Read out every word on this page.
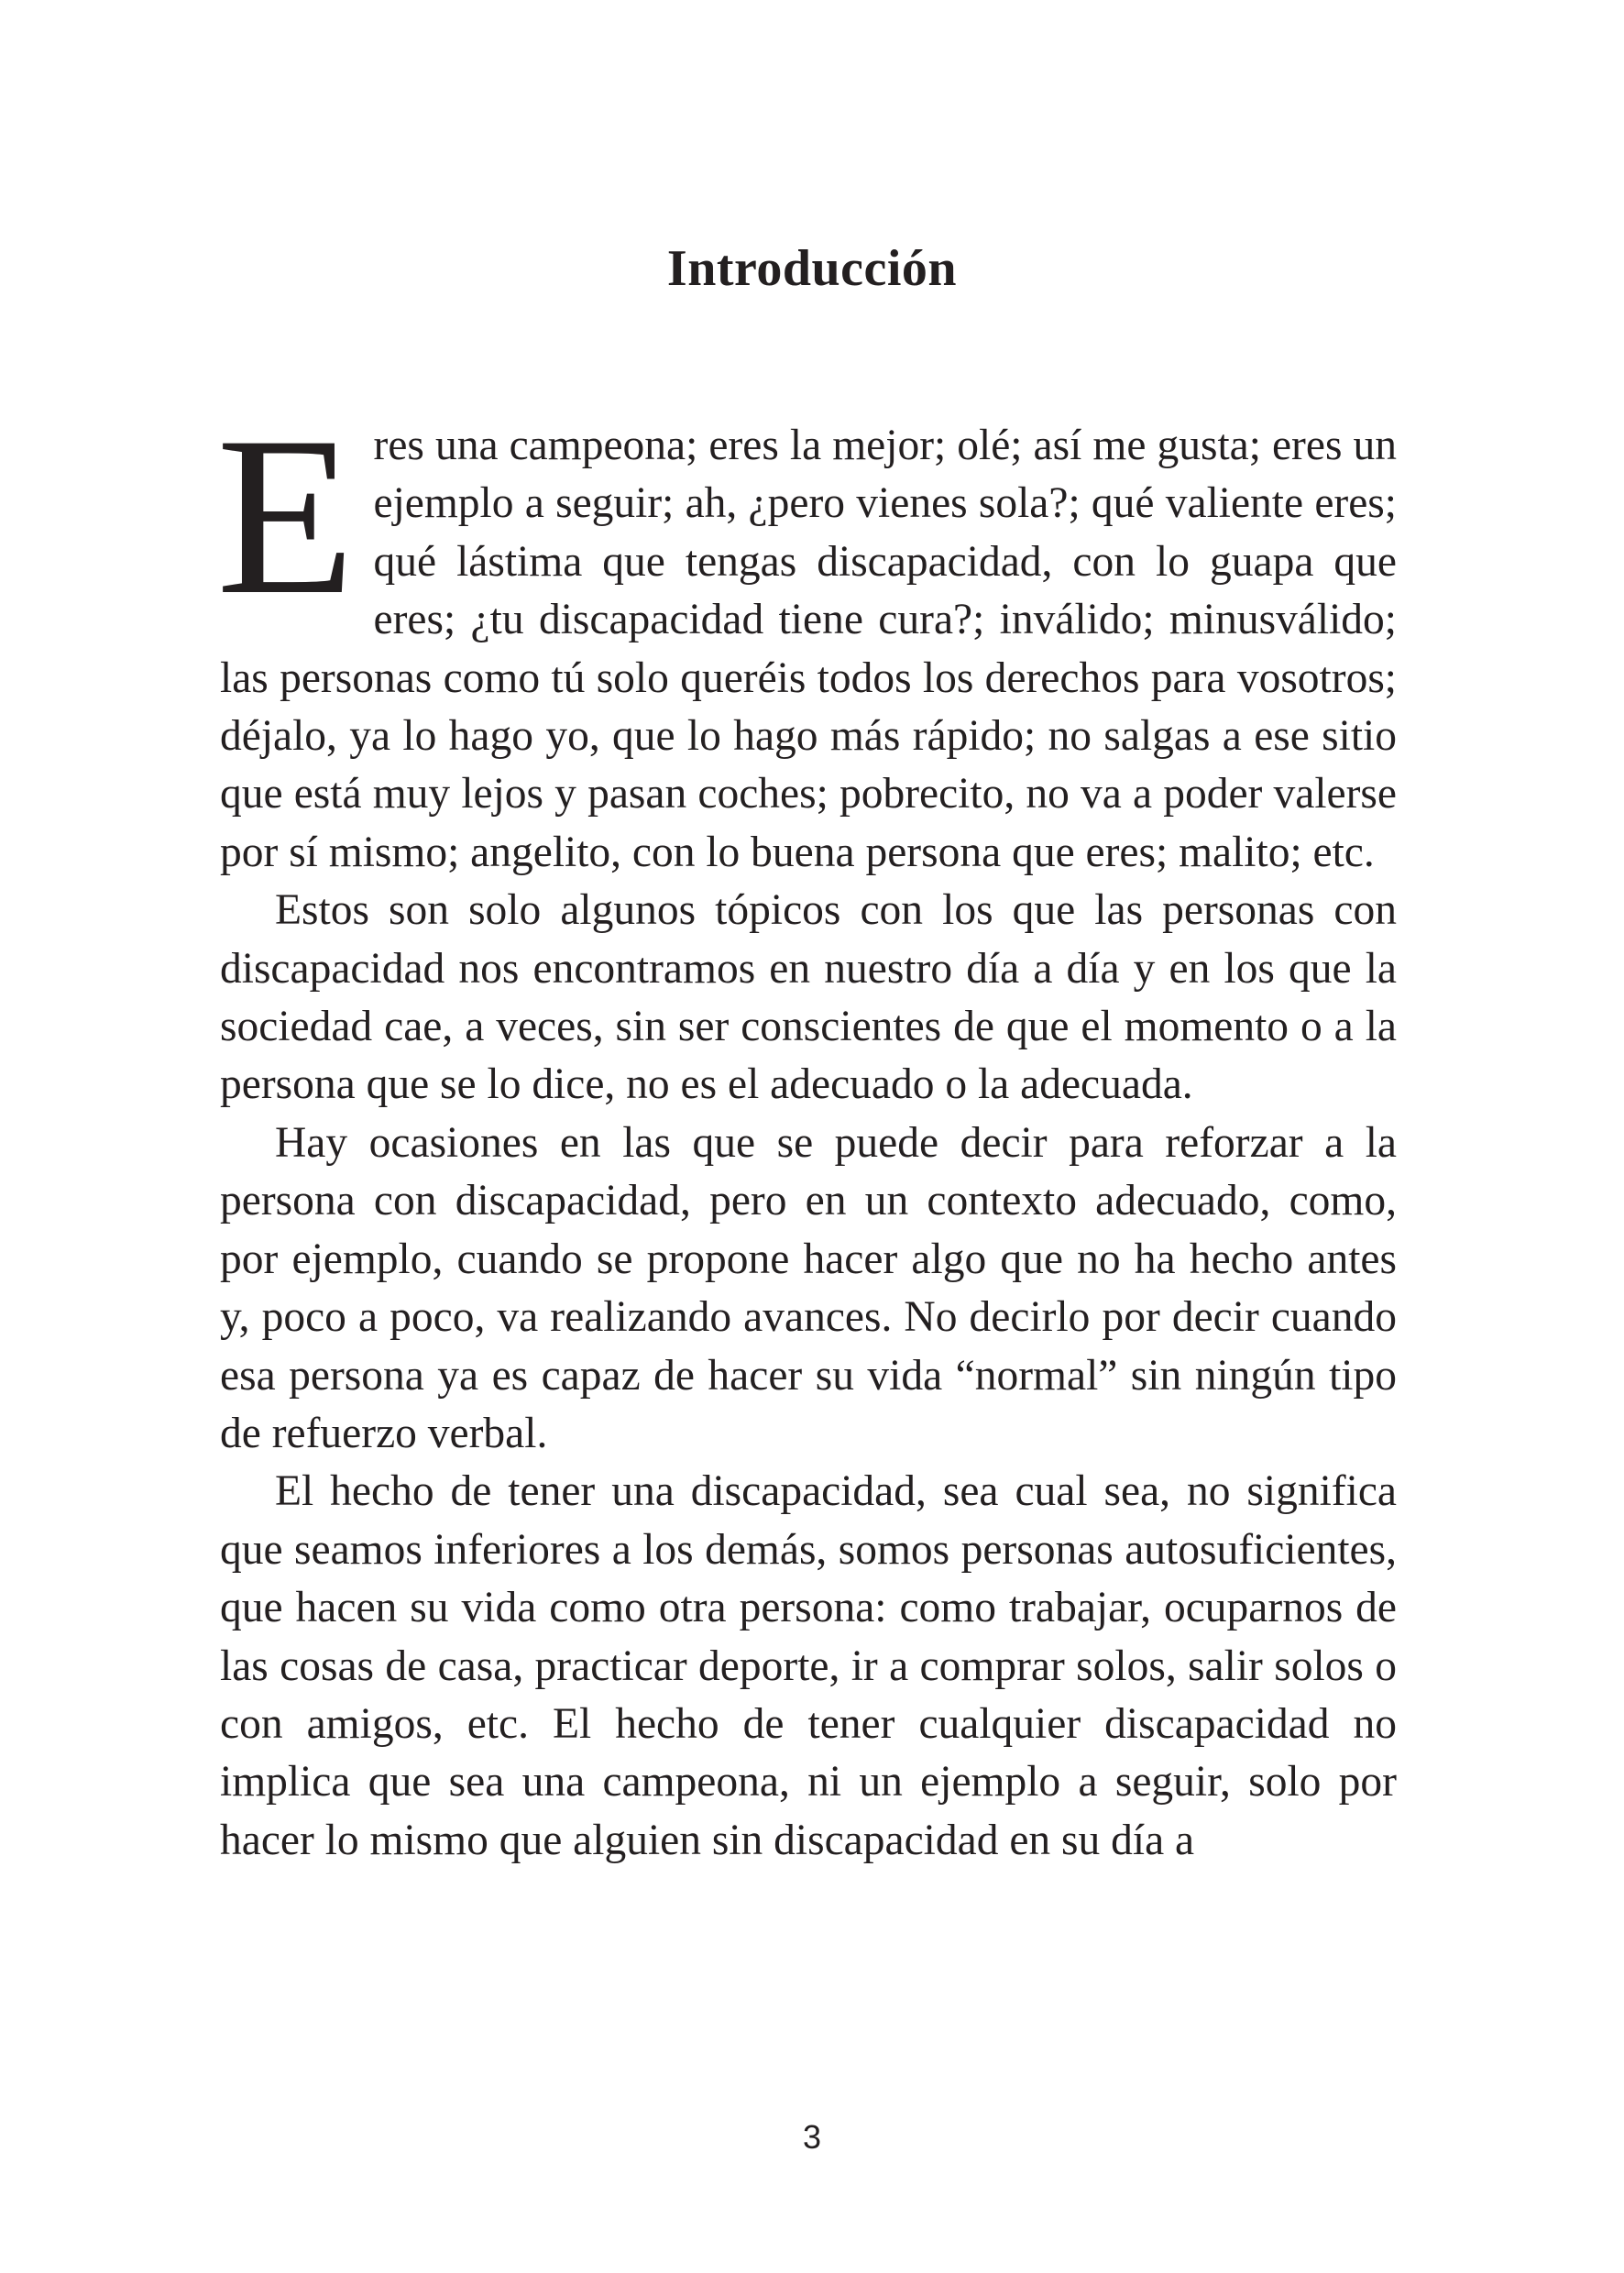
Introducción

Eres una campeona; eres la mejor; olé; así me gusta; eres un ejemplo a seguir; ah, ¿pero vienes sola?; qué valiente eres; qué lástima que tengas discapacidad, con lo guapa que eres; ¿tu discapacidad tiene cura?; inválido; minusválido; las personas como tú solo queréis todos los derechos para vosotros; déjalo, ya lo hago yo, que lo hago más rápido; no salgas a ese sitio que está muy lejos y pasan coches; pobrecito, no va a poder valerse por sí mismo; angelito, con lo buena persona que eres; malito; etc.

Estos son solo algunos tópicos con los que las personas con discapacidad nos encontramos en nuestro día a día y en los que la sociedad cae, a veces, sin ser conscientes de que el momento o a la persona que se lo dice, no es el adecuado o la adecuada.

Hay ocasiones en las que se puede decir para reforzar a la persona con discapacidad, pero en un contexto adecuado, como, por ejemplo, cuando se propone hacer algo que no ha hecho antes y, poco a poco, va realizando avances. No decirlo por decir cuando esa persona ya es capaz de hacer su vida “normal” sin ningún tipo de refuerzo verbal.

El hecho de tener una discapacidad, sea cual sea, no significa que seamos inferiores a los demás, somos personas autosuficientes, que hacen su vida como otra persona: como trabajar, ocuparnos de las cosas de casa, practicar deporte, ir a comprar solos, salir solos o con amigos, etc. El hecho de tener cualquier discapacidad no implica que sea una campeona, ni un ejemplo a seguir, solo por hacer lo mismo que alguien sin discapacidad en su día a

3
